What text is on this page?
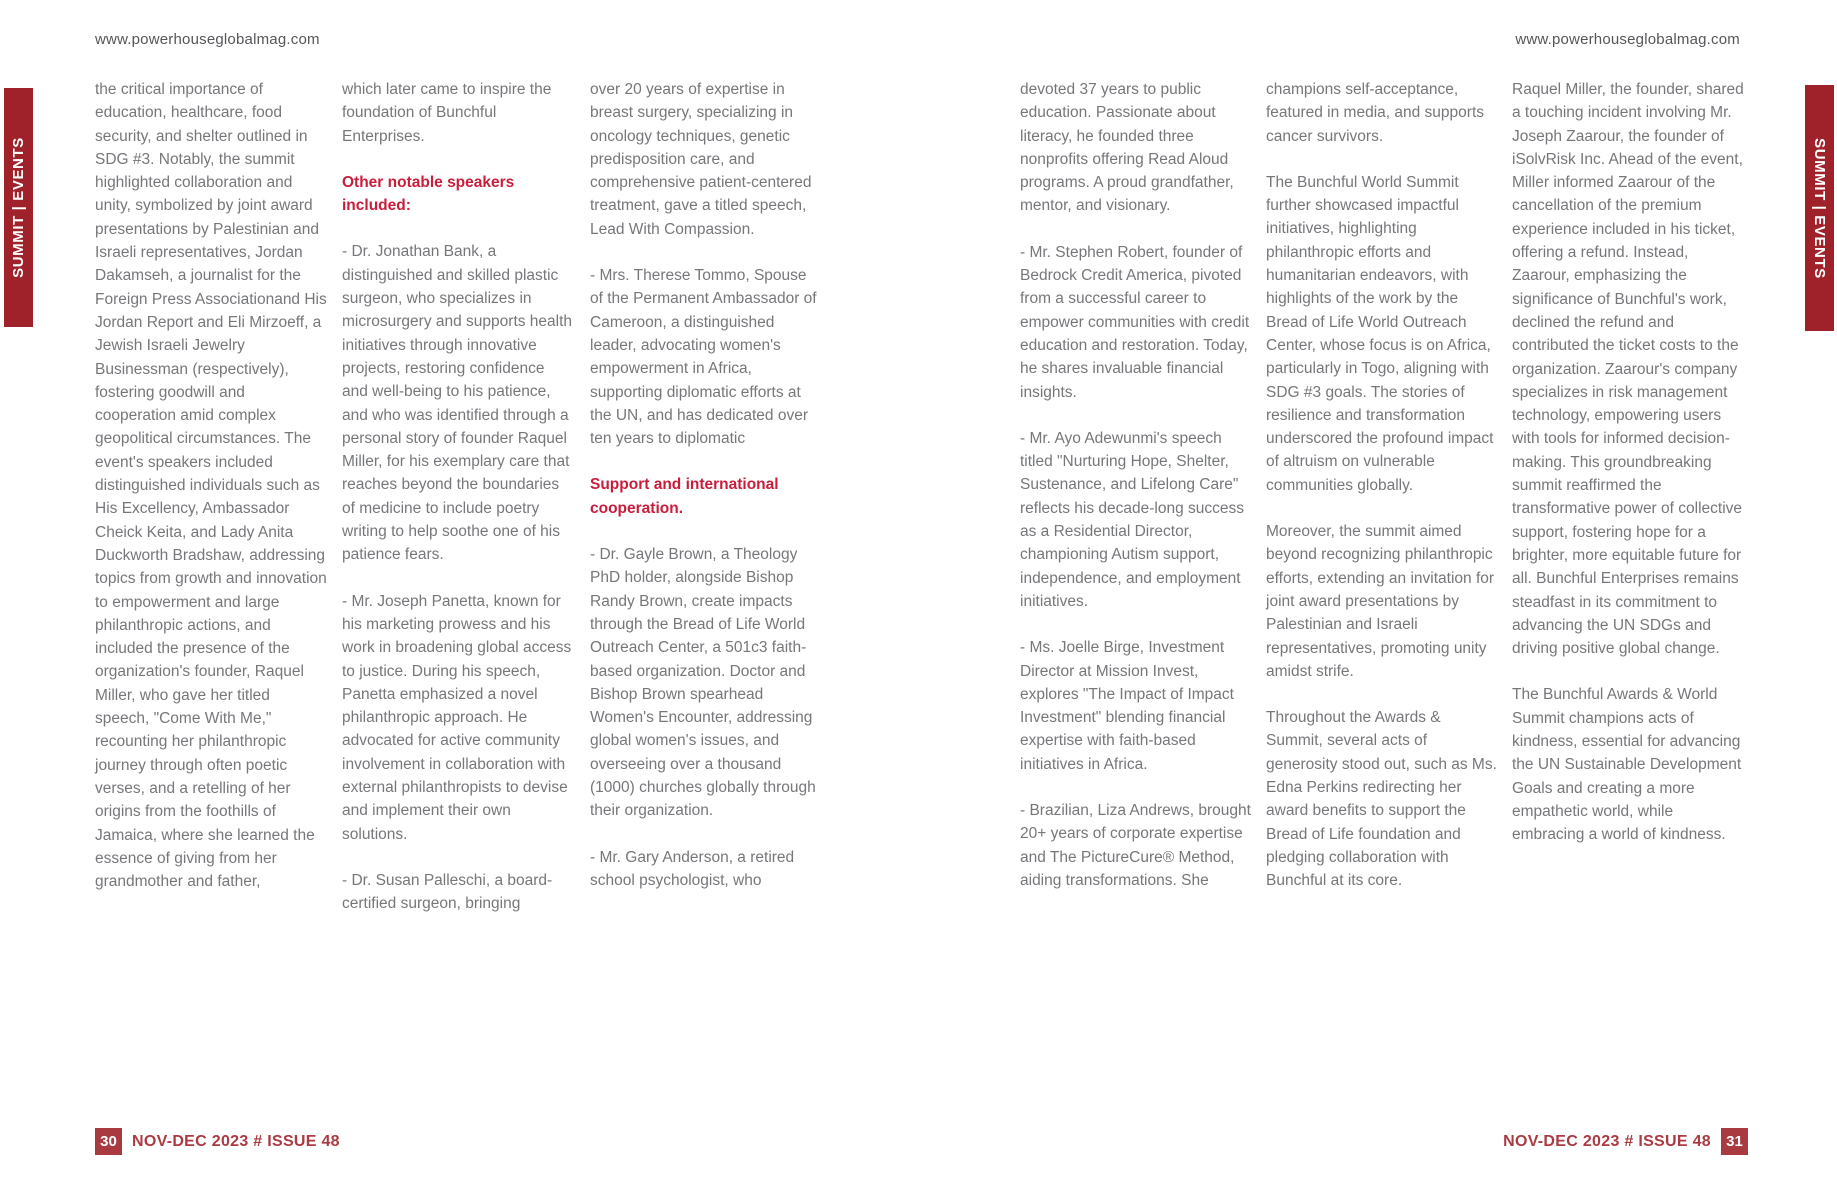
www.powerhouseglobalmag.com
SUMMIT | EVENTS

the critical importance of education, healthcare, food security, and shelter outlined in SDG #3. Notably, the summit highlighted collaboration and unity, symbolized by joint award presentations by Palestinian and Israeli representatives, Jordan Dakamseh, a journalist for the Foreign Press Associationand His Jordan Report and Eli Mirzoeff, a Jewish Israeli Jewelry Businessman (respectively), fostering goodwill and cooperation amid complex geopolitical circumstances. The event's speakers included distinguished individuals such as His Excellency, Ambassador Cheick Keita, and Lady Anita Duckworth Bradshaw, addressing topics from growth and innovation to empowerment and large philanthropic actions, and included the presence of the organization's founder, Raquel Miller, who gave her titled speech, "Come With Me," recounting her philanthropic journey through often poetic verses, and a retelling of her origins from the foothills of Jamaica, where she learned the essence of giving from her grandmother and father,

which later came to inspire the foundation of Bunchful Enterprises.

Other notable speakers included:

- Dr. Jonathan Bank, a distinguished and skilled plastic surgeon, who specializes in microsurgery and supports health initiatives through innovative projects, restoring confidence and well-being to his patience, and who was identified through a personal story of founder Raquel Miller, for his exemplary care that reaches beyond the boundaries of medicine to include poetry writing to help soothe one of his patience fears.

- Mr. Joseph Panetta, known for his marketing prowess and his work in broadening global access to justice. During his speech, Panetta emphasized a novel philanthropic approach. He advocated for active community involvement in collaboration with external philanthropists to devise and implement their own solutions.

- Dr. Susan Palleschi, a board-certified surgeon, bringing

over 20 years of expertise in breast surgery, specializing in oncology techniques, genetic predisposition care, and comprehensive patient-centered treatment, gave a titled speech, Lead With Compassion.

- Mrs. Therese Tommo, Spouse of the Permanent Ambassador of Cameroon, a distinguished leader, advocating women's empowerment in Africa, supporting diplomatic efforts at the UN, and has dedicated over ten years to diplomatic

Support and international cooperation.

- Dr. Gayle Brown, a Theology PhD holder, alongside Bishop Randy Brown, create impacts through the Bread of Life World Outreach Center, a 501c3 faith-based organization. Doctor and Bishop Brown spearhead Women's Encounter, addressing global women's issues, and overseeing over a thousand (1000) churches globally through their organization.

- Mr. Gary Anderson, a retired school psychologist, who

30 NOV-DEC 2023 # ISSUE 48
www.powerhouseglobalmag.com
SUMMIT | EVENTS

devoted 37 years to public education. Passionate about literacy, he founded three nonprofits offering Read Aloud programs. A proud grandfather, mentor, and visionary.

- Mr. Stephen Robert, founder of Bedrock Credit America, pivoted from a successful career to empower communities with credit education and restoration. Today, he shares invaluable financial insights.

- Mr. Ayo Adewunmi's speech titled "Nurturing Hope, Shelter, Sustenance, and Lifelong Care" reflects his decade-long success as a Residential Director, championing Autism support, independence, and employment initiatives.

- Ms. Joelle Birge, Investment Director at Mission Invest, explores "The Impact of Impact Investment" blending financial expertise with faith-based initiatives in Africa.

- Brazilian, Liza Andrews, brought 20+ years of corporate expertise and The PictureCure® Method, aiding transformations. She

champions self-acceptance, featured in media, and supports cancer survivors.

The Bunchful World Summit further showcased impactful initiatives, highlighting philanthropic efforts and humanitarian endeavors, with highlights of the work by the Bread of Life World Outreach Center, whose focus is on Africa, particularly in Togo, aligning with SDG #3 goals. The stories of resilience and transformation underscored the profound impact of altruism on vulnerable communities globally.

Moreover, the summit aimed beyond recognizing philanthropic efforts, extending an invitation for joint award presentations by Palestinian and Israeli representatives, promoting unity amidst strife.

Throughout the Awards & Summit, several acts of generosity stood out, such as Ms. Edna Perkins redirecting her award benefits to support the Bread of Life foundation and pledging collaboration with Bunchful at its core.

Raquel Miller, the founder, shared a touching incident involving Mr. Joseph Zaarour, the founder of iSolvRisk Inc. Ahead of the event, Miller informed Zaarour of the cancellation of the premium experience included in his ticket, offering a refund. Instead, Zaarour, emphasizing the significance of Bunchful's work, declined the refund and contributed the ticket costs to the organization. Zaarour's company specializes in risk management technology, empowering users with tools for informed decision-making. This groundbreaking summit reaffirmed the transformative power of collective support, fostering hope for a brighter, more equitable future for all. Bunchful Enterprises remains steadfast in its commitment to advancing the UN SDGs and driving positive global change.

The Bunchful Awards & World Summit champions acts of kindness, essential for advancing the UN Sustainable Development Goals and creating a more empathetic world, while embracing a world of kindness.

NOV-DEC 2023 # ISSUE 48	31
